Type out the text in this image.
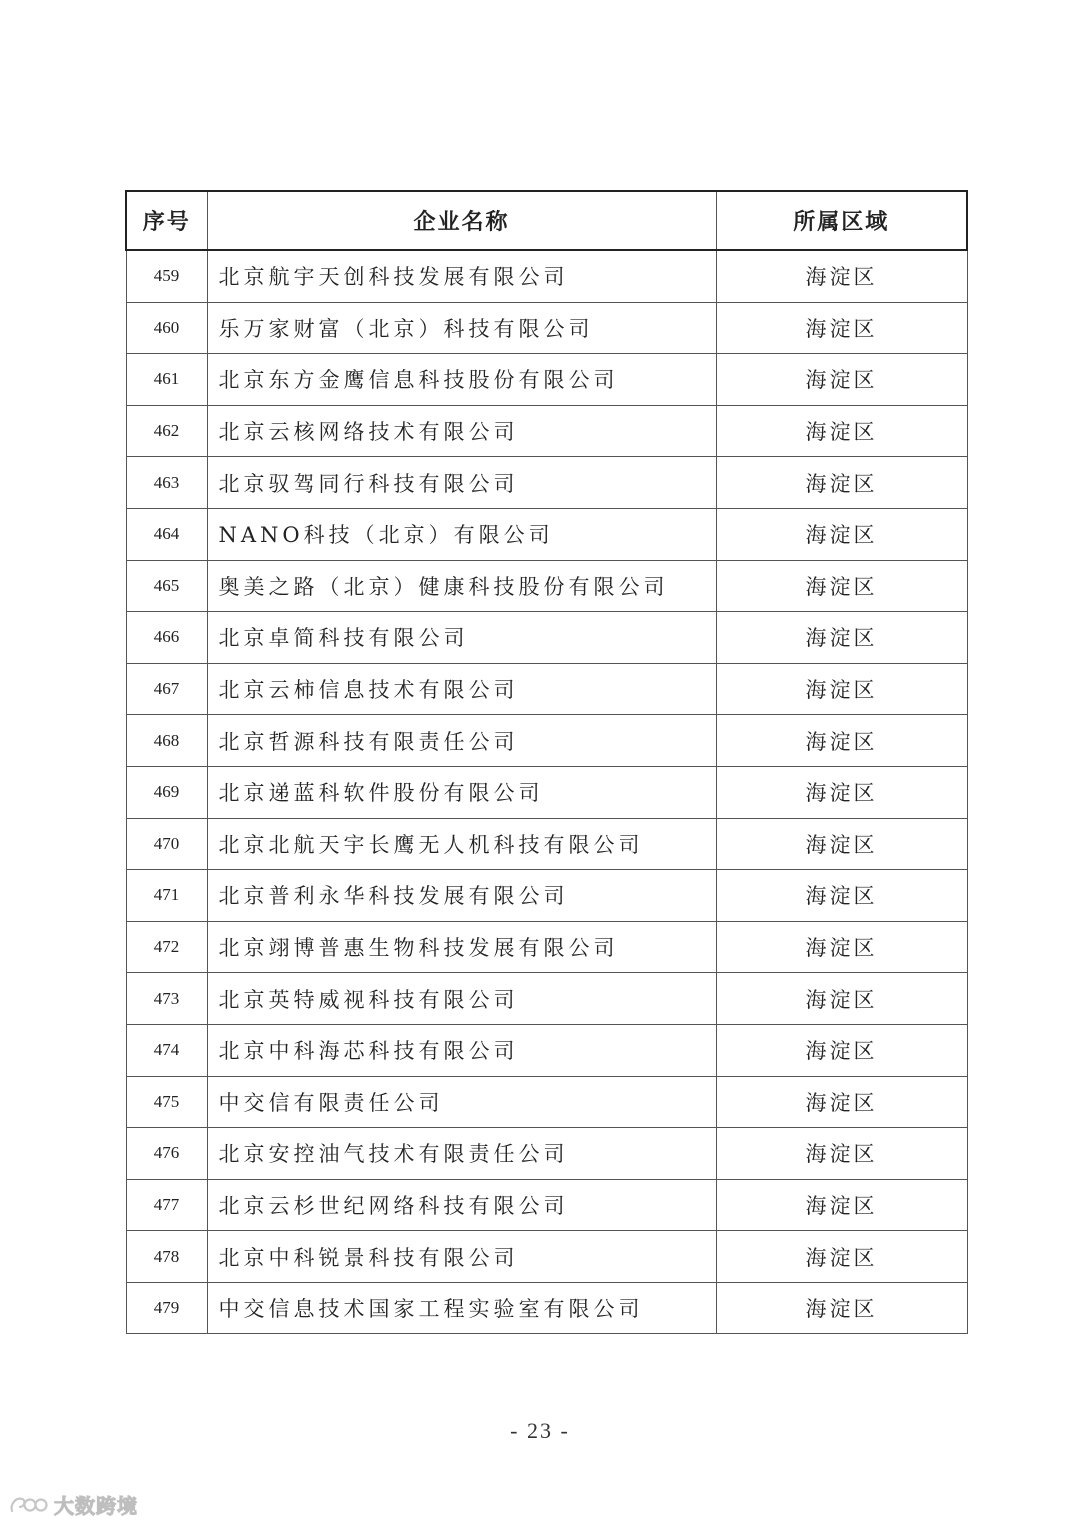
序号	企业名称	所属区域
459	北京航宇天创科技发展有限公司	海淀区
460	乐万家财富（北京）科技有限公司	海淀区
461	北京东方金鹰信息科技股份有限公司	海淀区
462	北京云核网络技术有限公司	海淀区
463	北京驭驾同行科技有限公司	海淀区
464	NANO科技（北京）有限公司	海淀区
465	奥美之路（北京）健康科技股份有限公司	海淀区
466	北京卓简科技有限公司	海淀区
467	北京云柿信息技术有限公司	海淀区
468	北京哲源科技有限责任公司	海淀区
469	北京递蓝科软件股份有限公司	海淀区
470	北京北航天宇长鹰无人机科技有限公司	海淀区
471	北京普利永华科技发展有限公司	海淀区
472	北京翊博普惠生物科技发展有限公司	海淀区
473	北京英特威视科技有限公司	海淀区
474	北京中科海芯科技有限公司	海淀区
475	中交信有限责任公司	海淀区
476	北京安控油气技术有限责任公司	海淀区
477	北京云杉世纪网络科技有限公司	海淀区
478	北京中科锐景科技有限公司	海淀区
479	中交信息技术国家工程实验室有限公司	海淀区
- 23 -
大数跨境
